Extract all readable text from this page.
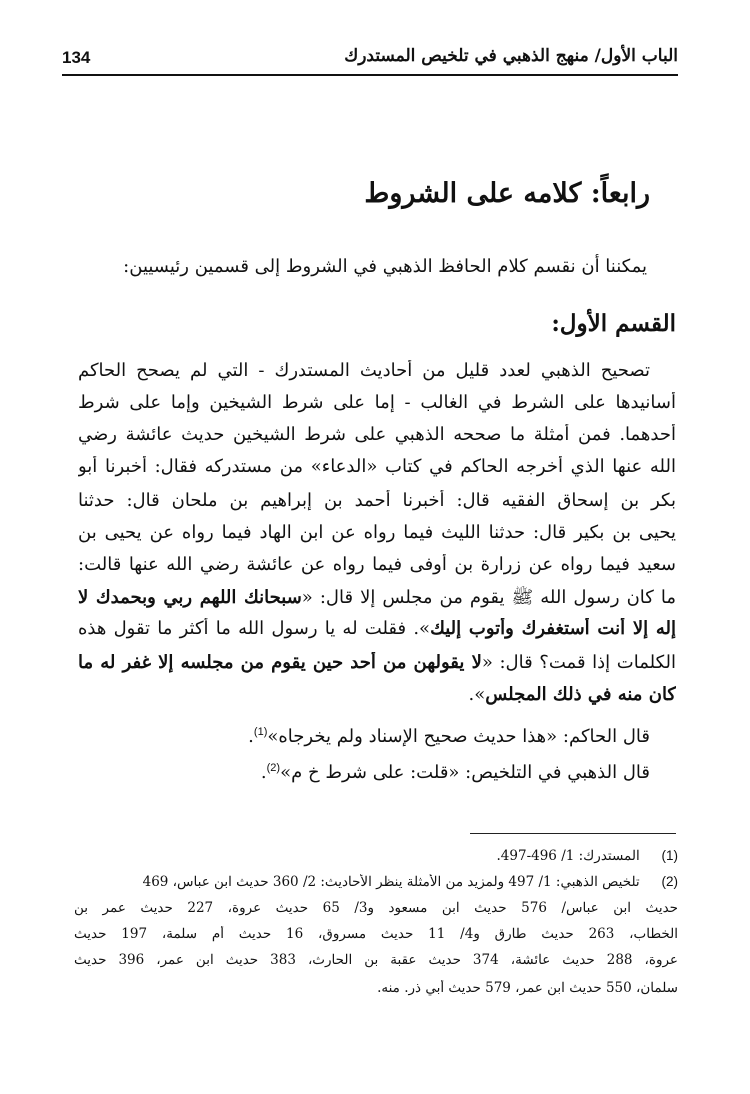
134	الباب الأول/ منهج الذهبي في تلخيص المستدرك
رابعاً: كلامه على الشروط
يمكننا أن نقسم كلام الحافظ الذهبي في الشروط إلى قسمين رئيسيين:
القسم الأول:
تصحيح الذهبي لعدد قليل من أحاديث المستدرك - التي لم يصحح الحاكم
أسانيدها على الشرط في الغالب - إما على شرط الشيخين وإما على شرط
أحدهما. فمن أمثلة ما صححه الذهبي على شرط الشيخين حديث عائشة رضي
الله عنها الذي أخرجه الحاكم في كتاب «الدعاء» من مستدركه فقال: أخبرنا أبو
بكر بن إسحاق الفقيه قال: أخبرنا أحمد بن إبراهيم بن ملحان قال: حدثنا
يحيى بن بكير قال: حدثنا الليث فيما رواه عن ابن الهاد فيما رواه عن يحيى بن
سعيد فيما رواه عن زرارة بن أوفى فيما رواه عن عائشة رضي الله عنها قالت:
ما كان رسول الله ﷺ يقوم من مجلس إلا قال: «سبحانك اللهم ربي وبحمدك لا
إله إلا أنت أستغفرك وأتوب إليك». فقلت له يا رسول الله ما أكثر ما تقول هذه
الكلمات إذا قمت؟ قال: «لا يقولهن من أحد حين يقوم من مجلسه إلا غفر له ما
كان منه في ذلك المجلس».
قال الحاكم: «هذا حديث صحيح الإسناد ولم يخرجاه»$^{(1)}$.
قال الذهبي في التلخيص: «قلت: على شرط خ م»$^{(2)}$.
(1) المستدرك: 1/ 496-497.
(2) تلخيص الذهبي: 1/ 497 ولمزيد من الأمثلة ينظر الأحاديث: 2/ 360 حديث ابن عباس، 469
حديث ابن عباس/ 576 حديث ابن مسعود و3/ 65 حديث عروة، 227 حديث عمر بن
الخطاب، 263 حديث طارق و4/ 11 حديث مسروق، 16 حديث أم سلمة، 197 حديث
عروة، 288 حديث عائشة، 374 حديث عقبة بن الحارث، 383 حديث ابن عمر، 396 حديث
سلمان، 550 حديث ابن عمر، 579 حديث أبي ذر. منه.
